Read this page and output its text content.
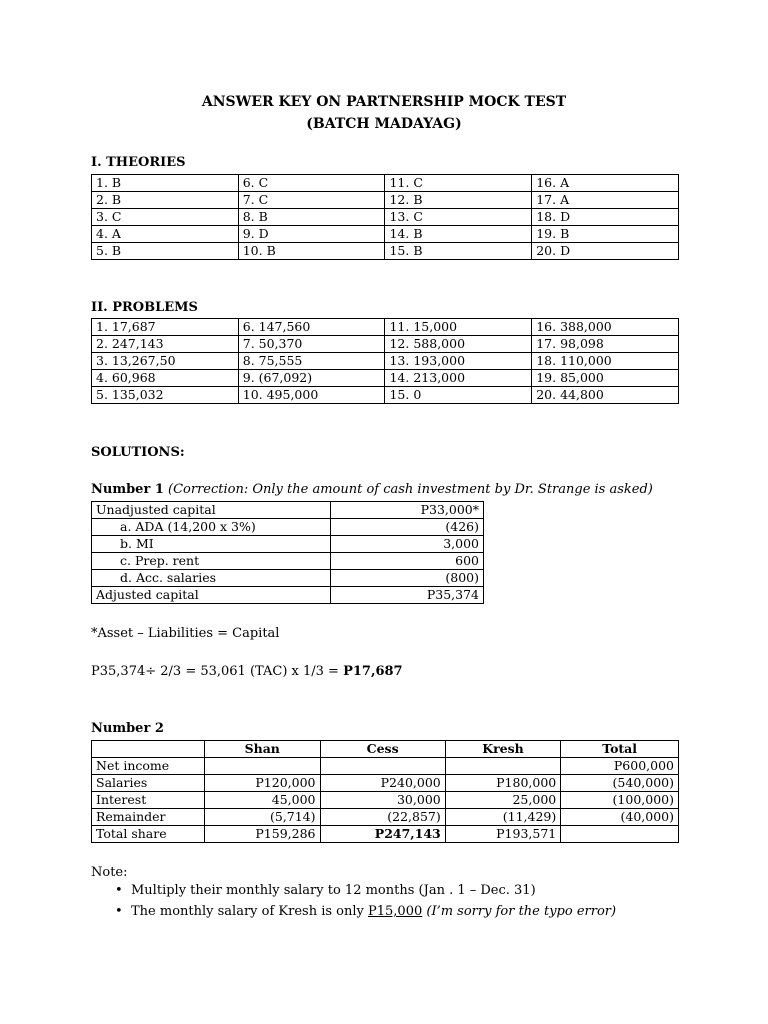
ANSWER KEY ON PARTNERSHIP MOCK TEST
(BATCH MADAYAG)
I. THEORIES
1. B	6. C	11. C	16. A
2. B	7. C	12. B	17. A
3. C	8. B	13. C	18. D
4. A	9. D	14. B	19. B
5. B	10. B	15. B	20. D
II. PROBLEMS
1. 17,687	6. 147,560	11. 15,000	16. 388,000
2. 247,143	7. 50,370	12. 588,000	17. 98,098
3. 13,267,50	8. 75,555	13. 193,000	18. 110,000
4. 60,968	9. (67,092)	14. 213,000	19. 85,000
5. 135,032	10. 495,000	15. 0	20. 44,800
SOLUTIONS:
Number 1 (Correction: Only the amount of cash investment by Dr. Strange is asked)
Unadjusted capital	P33,000*
a. ADA (14,200 x 3%)	(426)
b. MI	3,000
c. Prep. rent	600
d. Acc. salaries	(800)
Adjusted capital	P35,374
*Asset – Liabilities = Capital
P35,374÷ 2/3 = 53,061 (TAC) x 1/3 = P17,687
Number 2
	Shan	Cess	Kresh	Total
Net income				P600,000
Salaries	P120,000	P240,000	P180,000	(540,000)
Interest	45,000	30,000	25,000	(100,000)
Remainder	(5,714)	(22,857)	(11,429)	(40,000)
Total share	P159,286	P247,143	P193,571	
Note:
• Multiply their monthly salary to 12 months (Jan . 1 – Dec. 31)
• The monthly salary of Kresh is only P15,000 (I’m sorry for the typo error)
